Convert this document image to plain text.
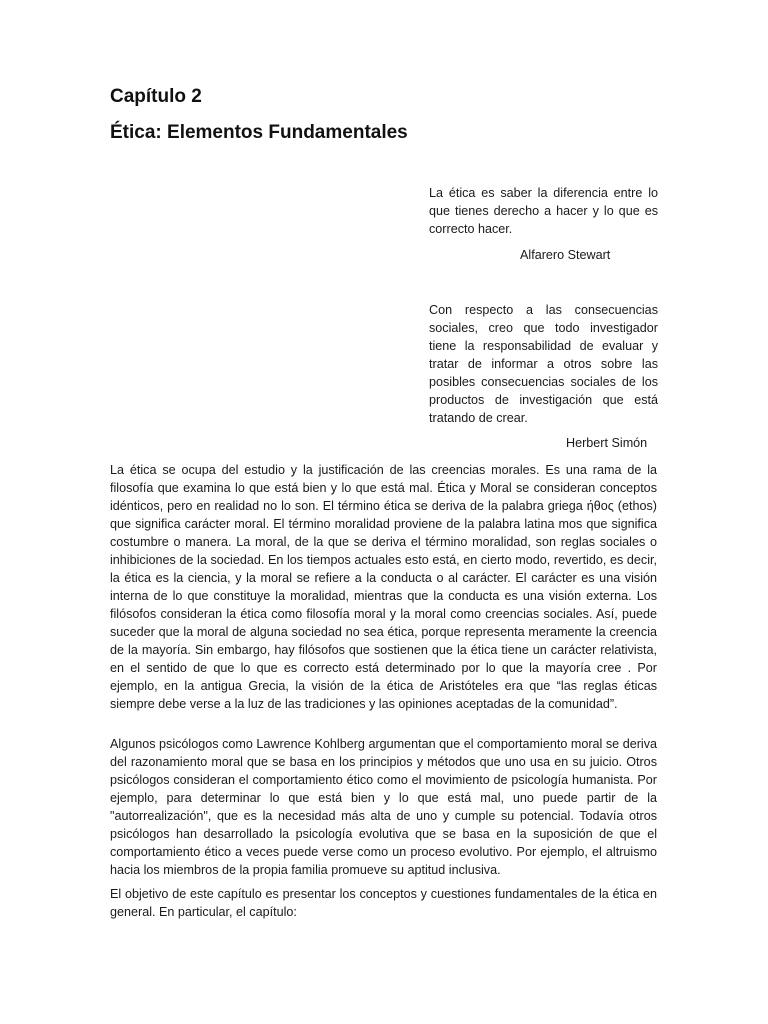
Capítulo 2
Ética: Elementos Fundamentales

La ética es saber la diferencia entre lo que tienes derecho a hacer y lo que es correcto hacer.

Alfarero Stewart

Con respecto a las consecuencias sociales, creo que todo investigador tiene la responsabilidad de evaluar y tratar de informar a otros sobre las posibles consecuencias sociales de los productos de investigación que está tratando de crear.

Herbert Simón

La ética se ocupa del estudio y la justificación de las creencias morales. Es una rama de la filosofía que examina lo que está bien y lo que está mal. Ética y Moral se consideran conceptos idénticos, pero en realidad no lo son. El término ética se deriva de la palabra griega ήθος (ethos) que significa carácter moral. El término moralidad proviene de la palabra latina mos que significa costumbre o manera. La moral, de la que se deriva el término moralidad, son reglas sociales o inhibiciones de la sociedad. En los tiempos actuales esto está, en cierto modo, revertido, es decir, la ética es la ciencia, y la moral se refiere a la conducta o al carácter. El carácter es una visión interna de lo que constituye la moralidad, mientras que la conducta es una visión externa. Los filósofos consideran la ética como filosofía moral y la moral como creencias sociales. Así, puede suceder que la moral de alguna sociedad no sea ética, porque representa meramente la creencia de la mayoría. Sin embargo, hay filósofos que sostienen que la ética tiene un carácter relativista, en el sentido de que lo que es correcto está determinado por lo que la mayoría cree . Por ejemplo, en la antigua Grecia, la visión de la ética de Aristóteles era que “las reglas éticas siempre debe verse a la luz de las tradiciones y las opiniones aceptadas de la comunidad”.

Algunos psicólogos como Lawrence Kohlberg argumentan que el comportamiento moral se deriva del razonamiento moral que se basa en los principios y métodos que uno usa en su juicio. Otros psicólogos consideran el comportamiento ético como el movimiento de psicología humanista. Por ejemplo, para determinar lo que está bien y lo que está mal, uno puede partir de la "autorrealización", que es la necesidad más alta de uno y cumple su potencial. Todavía otros psicólogos han desarrollado la psicología evolutiva que se basa en la suposición de que el comportamiento ético a veces puede verse como un proceso evolutivo. Por ejemplo, el altruismo hacia los miembros de la propia familia promueve su aptitud inclusiva.

El objetivo de este capítulo es presentar los conceptos y cuestiones fundamentales de la ética en general. En particular, el capítulo:
